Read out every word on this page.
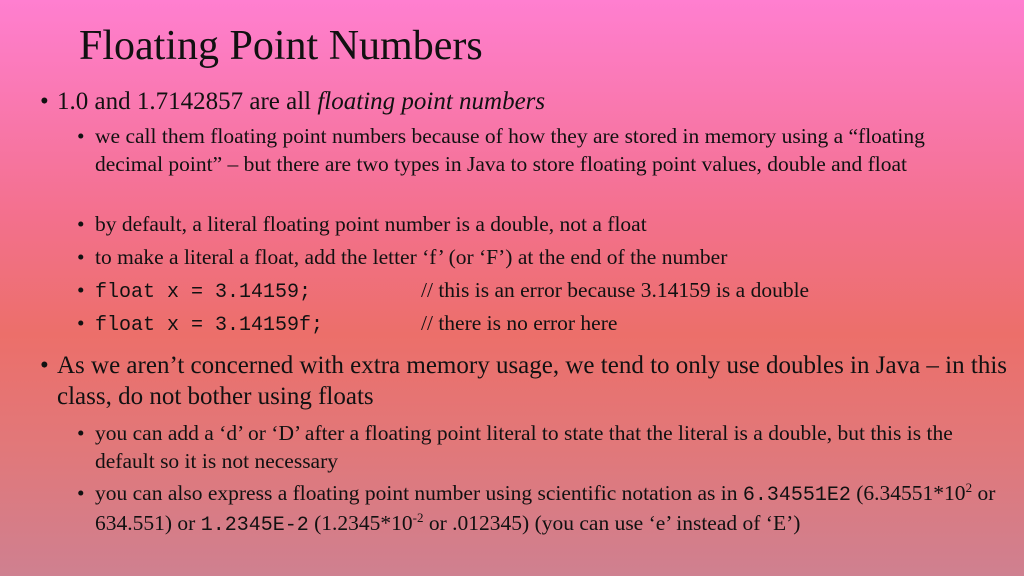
Floating Point Numbers
• 1.0 and 1.7142857 are all floating point numbers
• we call them floating point numbers because of how they are stored in memory using a “floating decimal point” – but there are two types in Java to store floating point values, double and float
• by default, a literal floating point number is a double, not a float
• to make a literal a float, add the letter ‘f’ (or ‘F’) at the end of the number
• float x = 3.14159;	// this is an error because 3.14159 is a double
• float x = 3.14159f;	// there is no error here
• As we aren’t concerned with extra memory usage, we tend to only use doubles in Java – in this class, do not bother using floats
• you can add a ‘d’ or ‘D’ after a floating point literal to state that the literal is a double, but this is the default so it is not necessary
• you can also express a floating point number using scientific notation as in 6.34551E2 ($6.34551*10^2$ or 634.551) or 1.2345E-2 ($1.2345*10^{-2}$ or .012345) (you can use ‘e’ instead of ‘E’)
